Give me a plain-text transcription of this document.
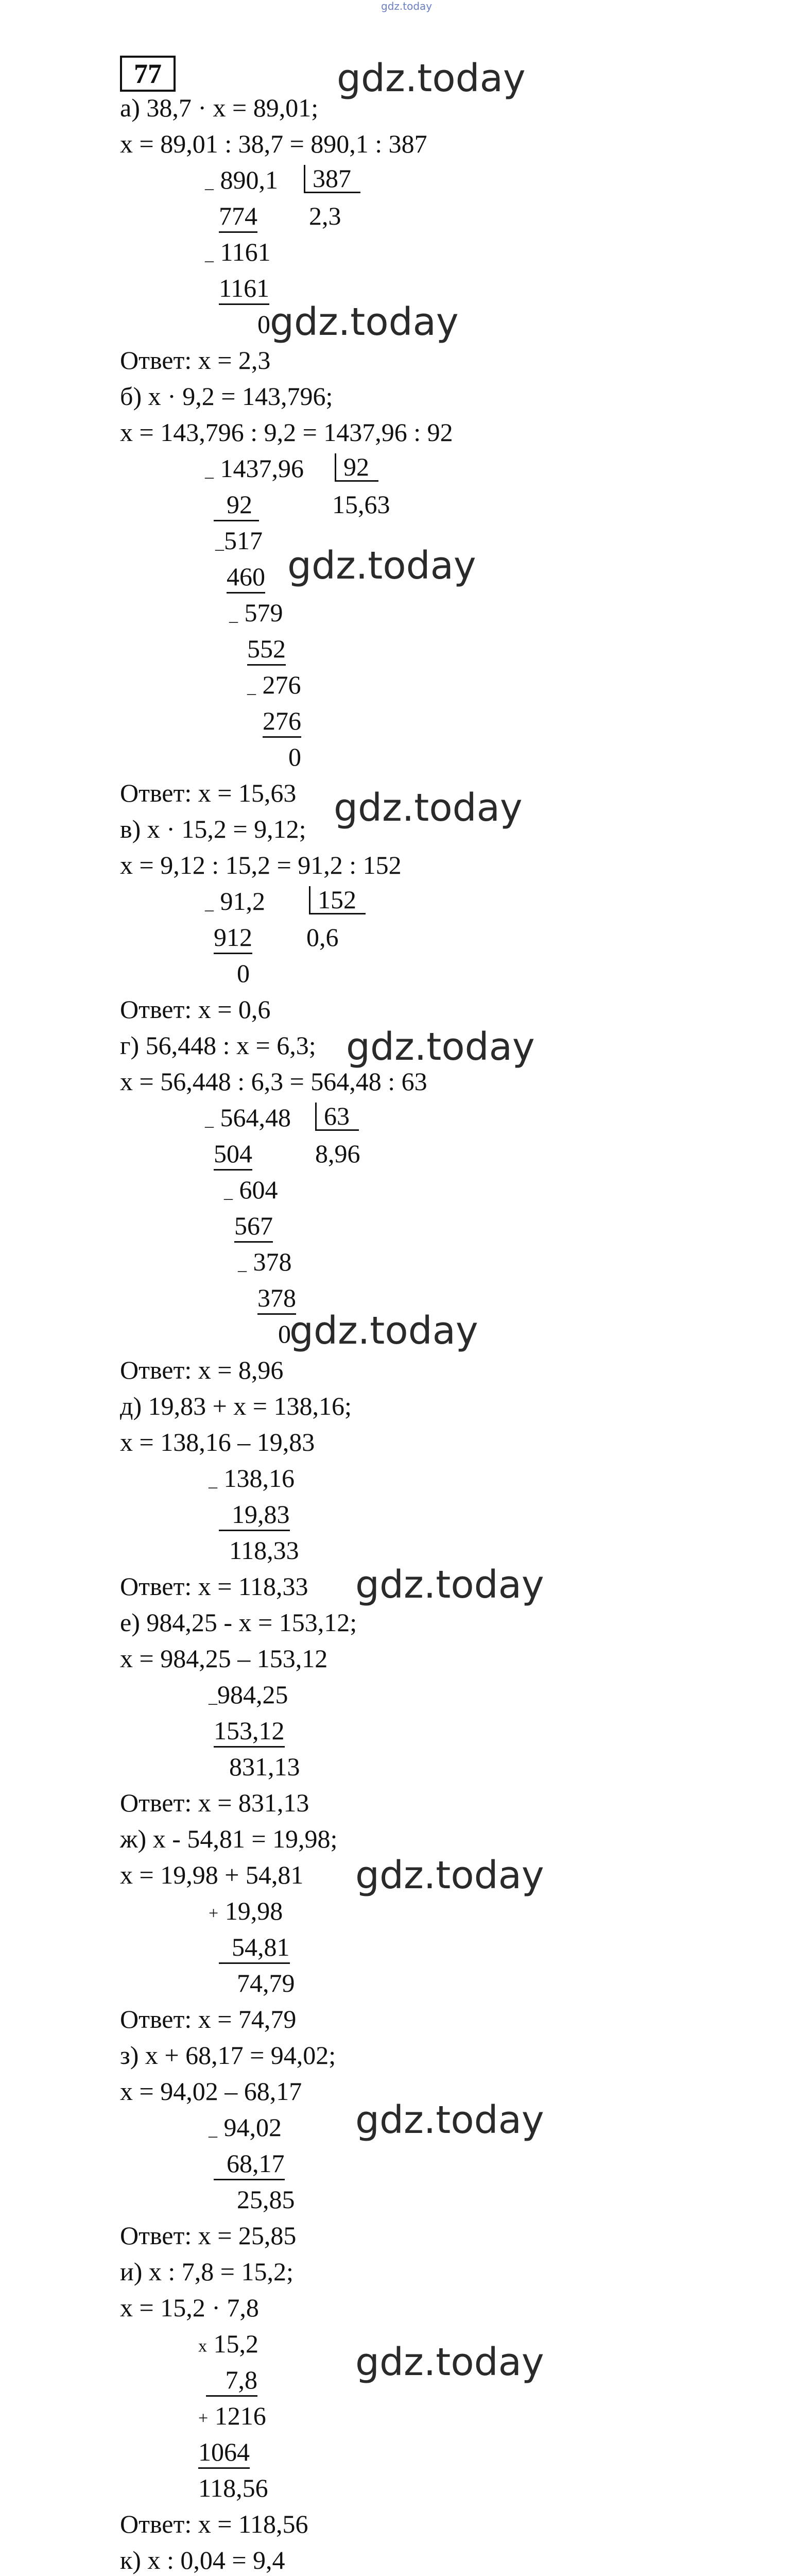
gdz.today
77
а) 38,7 · x = 89,01;
gdz.today
x = 89,01 : 38,7 = 890,1 : 387
_ 890,1	387
774 2,3
_ 1161
1161
0 gdz.today
Ответ: x = 2,3
б) x · 9,2 = 143,796;
x = 143,796 : 9,2 = 1437,96 : 92
_ 1437,96	92
92	15,63
_517
460 gdz.today
_ 579
552
_ 276
276
0
Ответ: x = 15,63 gdz.today
в) x · 15,2 = 9,12;
x = 9,12 : 15,2 = 91,2 : 152
_ 91,2	152
912 0,6
0
Ответ: x = 0,6
г) 56,448 : x = 6,3; gdz.today
x = 56,448 : 6,3 = 564,48 : 63
_ 564,48	63
504 8,96
_ 604
567
_ 378
378
0
gdz.today
Ответ: x = 8,96
д) 19,83 + x = 138,16;
x = 138,16 – 19,83
_ 138,16
19,83
118,33
Ответ: x = 118,33 gdz.today
е) 984,25 - x = 153,12;
x = 984,25 – 153,12
_984,25
153,12
831,13
Ответ: x = 831,13
ж) x - 54,81 = 19,98;
x = 19,98 + 54,81 gdz.today
+ 19,98
54,81
74,79
Ответ: x = 74,79
з) x + 68,17 = 94,02;
x = 94,02 – 68,17
gdz.today
_ 94,02
68,17
25,85
Ответ: x = 25,85
и) x : 7,8 = 15,2;
x = 15,2 · 7,8
x 15,2	gdz.today
7,8
+ 1216
1064
118,56
Ответ: x = 118,56
к) x : 0,04 = 9,4
